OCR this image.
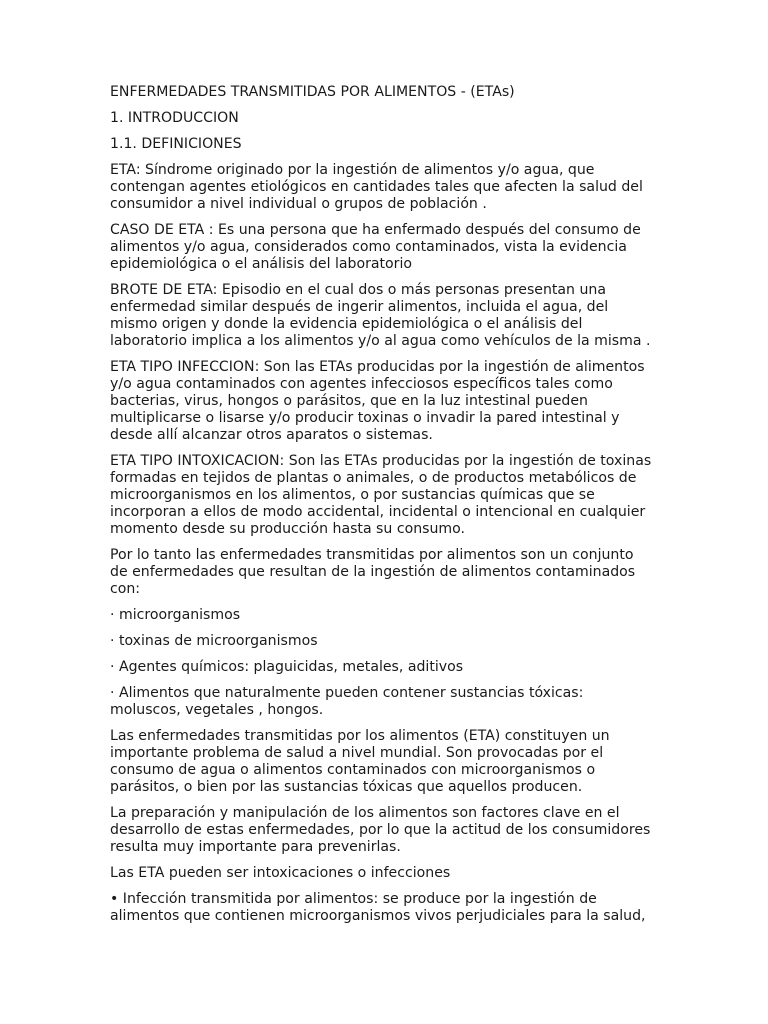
ENFERMEDADES TRANSMITIDAS POR ALIMENTOS - (ETAs)
1. INTRODUCCION
1.1. DEFINICIONES
ETA: Síndrome originado por la ingestión de alimentos y/o agua, que
contengan agentes etiológicos en cantidades tales que afecten la salud del
consumidor a nivel individual o grupos de población .
CASO DE ETA : Es una persona que ha enfermado después del consumo de
alimentos y/o agua, considerados como contaminados, vista la evidencia
epidemiológica o el análisis del laboratorio
BROTE DE ETA: Episodio en el cual dos o más personas presentan una
enfermedad similar después de ingerir alimentos, incluida el agua, del
mismo origen y donde la evidencia epidemiológica o el análisis del
laboratorio implica a los alimentos y/o al agua como vehículos de la misma .
ETA TIPO INFECCION: Son las ETAs producidas por la ingestión de alimentos
y/o agua contaminados con agentes infecciosos específicos tales como
bacterias, virus, hongos o parásitos, que en la luz intestinal pueden
multiplicarse o lisarse y/o producir toxinas o invadir la pared intestinal y
desde allí alcanzar otros aparatos o sistemas.
ETA TIPO INTOXICACION: Son las ETAs producidas por la ingestión de toxinas
formadas en tejidos de plantas o animales, o de productos metabólicos de
microorganismos en los alimentos, o por sustancias químicas que se
incorporan a ellos de modo accidental, incidental o intencional en cualquier
momento desde su producción hasta su consumo.
Por lo tanto las enfermedades transmitidas por alimentos son un conjunto
de enfermedades que resultan de la ingestión de alimentos contaminados
con:
· microorganismos
· toxinas de microorganismos
· Agentes químicos: plaguicidas, metales, aditivos
· Alimentos que naturalmente pueden contener sustancias tóxicas:
moluscos, vegetales , hongos.
Las enfermedades transmitidas por los alimentos (ETA) constituyen un
importante problema de salud a nivel mundial. Son provocadas por el
consumo de agua o alimentos contaminados con microorganismos o
parásitos, o bien por las sustancias tóxicas que aquellos producen.
La preparación y manipulación de los alimentos son factores clave en el
desarrollo de estas enfermedades, por lo que la actitud de los consumidores
resulta muy importante para prevenirlas.
Las ETA pueden ser intoxicaciones o infecciones
• Infección transmitida por alimentos: se produce por la ingestión de
alimentos que contienen microorganismos vivos perjudiciales para la salud,
